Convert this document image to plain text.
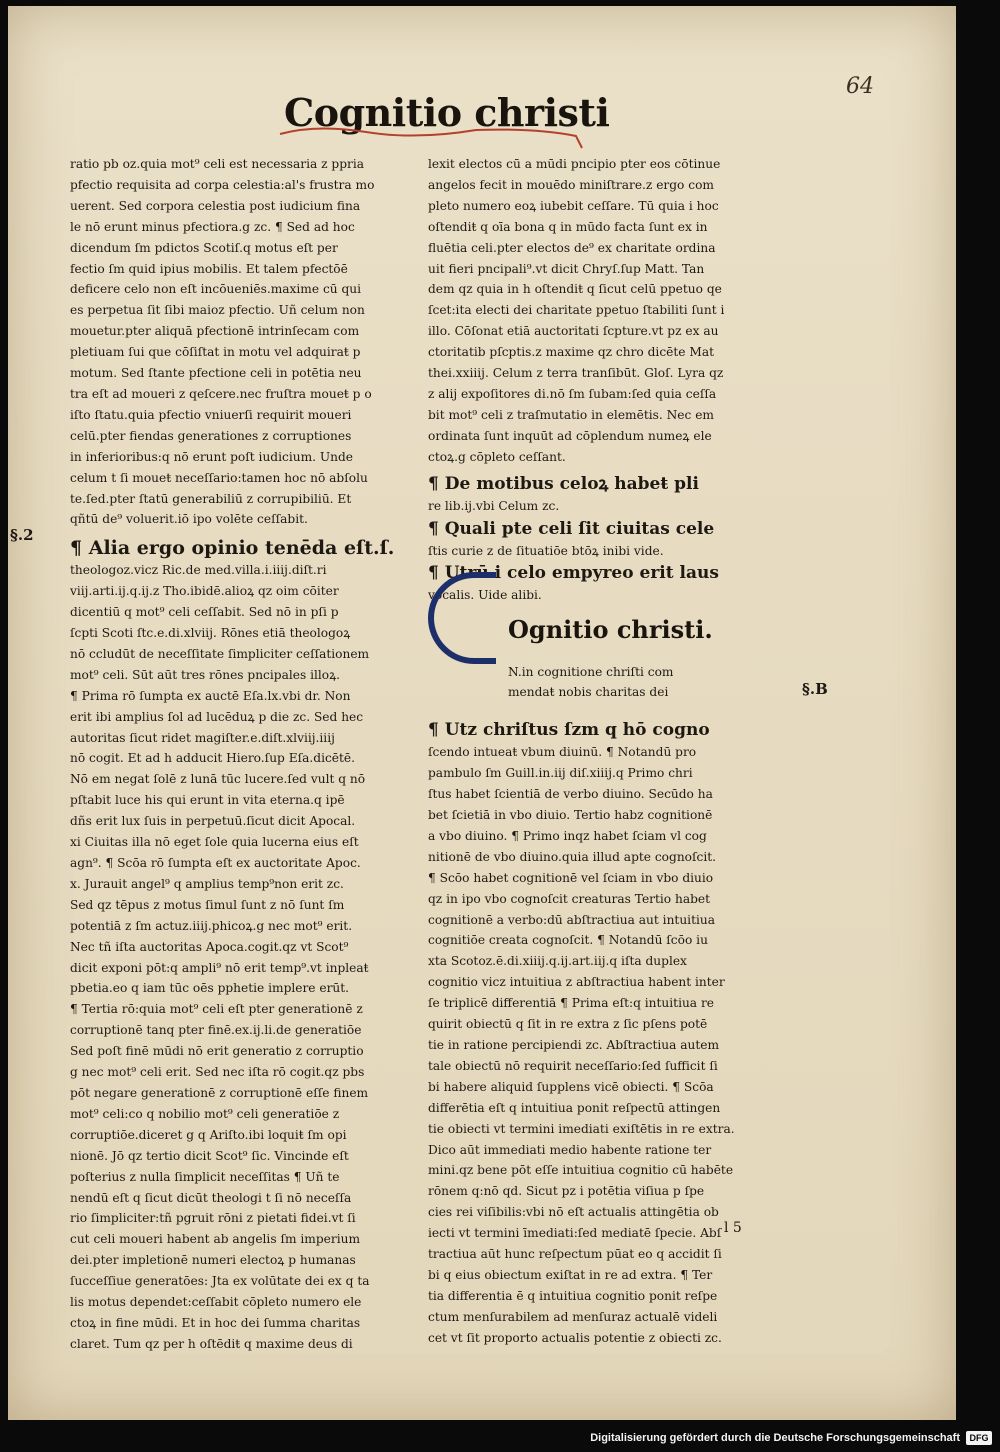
64
Cognitio christi
§.2
§.B
ratio pb oz.quia mot⁹ celi est necessaria z ppria
pfectio requisita ad corpa celestia:al's frustra mo
uerent. Sed corpora celestia post iudicium fina
le nō erunt minus pfectiora.g zc. ¶ Sed ad hoc
dicendum ſm pdictos Scotiſ.q motus eſt per
fectio ſm quid ipius mobilis. Et talem pfectōē
deficere celo non eſt incōueniēs.maxime cū qui
es perpetua ſit ſibi maioz pfectio. Uñ celum non
mouetur.pter aliquā pfectionē intrinſecam com
pletiuam ſui que cōſiſtat in motu vel adquiraŧ p
motum. Sed ſtante pfectione celi in potētia neu
tra eſt ad moueri z qeſcere.nec fruſtra moueŧ p o
iſto ſtatu.quia pfectio vniuerſi requirit moueri
celū.pter fiendas generationes z corruptiones
in inferioribus:q nō erunt poſt iudicium. Unde
celum t ſi moueŧ neceſſario:tamen hoc nō abſolu
te.ſed.pter ſtatū generabiliū z corrupibiliū. Et
qñtū de⁹ voluerit.iō ipo volēte ceſſabit.
¶ Alia ergo opinio tenēda eſt.ſ.
theologoz.vicz Ric.de med.villa.i.iiij.diſt.ri
viij.arti.ij.q.ij.z Tho.ibidē.alioꝝ qz oim cōiter
dicentiū q mot⁹ celi ceſſabit. Sed nō in pſi p
ſcpti Scoti ſtc.e.di.xlviij. Rōnes etiā theologoꝝ
nō ccludūt de neceſſitate ſimpliciter ceſſationem
mot⁹ celi. Sūt aūt tres rōnes pncipales illoꝝ.
¶ Prima rō ſumpta ex auctē Eſa.lx.vbi dr. Non
erit ibi amplius ſol ad lucēduꝝ p die zc. Sed hec
autoritas ſicut ridet magiſter.e.diſt.xlviij.iiij
nō cogit. Et ad h adducit Hiero.ſup Eſa.dicētē.
Nō em negat ſolē z lunā tūc lucere.ſed vult q nō
pſtabit luce his qui erunt in vita eterna.q ipē
dñs erit lux ſuis in perpetuū.ſicut dicit Apocal.
xi Ciuitas illa nō eget ſole quia lucerna eius eſt
agn⁹. ¶ Scōa rō ſumpta eſt ex auctoritate Apoc.
x. Jurauit angel⁹ q amplius temp⁹non erit zc.
Sed qz tēpus z motus ſimul ſunt z nō ſunt ſm
potentiā z ſm actuz.iiij.phicoꝝ.g nec mot⁹ erit.
Nec tñ iſta auctoritas Apoca.cogit.qz vt Scot⁹
dicit exponi pōt:q ampli⁹ nō erit temp⁹.vt inpleaŧ
pbetia.eo q iam tūc oēs pphetie implere erūt.
¶ Tertia rō:quia mot⁹ celi eſt pter generationē z
corruptionē tanq pter finē.ex.ij.li.de generatiōe
Sed poſt finē mūdi nō erit generatio z corruptio
g nec mot⁹ celi erit. Sed nec iſta rō cogit.qz pbs
pōt negare generationē z corruptionē eſſe finem
mot⁹ celi:co q nobilio mot⁹ celi generatiōe z
corruptiōe.diceret g q Ariſto.ibi loquiŧ ſm opi
nionē. Jō qz tertio dicit Scot⁹ ſic. Vincinde eſt
poſterius z nulla ſimplicit neceſſitas ¶ Uñ te
nendū eſt q ſicut dicūt theologi t ſi nō neceſſa
rio ſimpliciter:tñ pgruit rōni z pietati fidei.vt ſi
cut celi moueri habent ab angelis ſm imperium
dei.pter impletionē numeri electoꝝ p humanas
ſucceſſiue generatōes: Jta ex volūtate dei ex q ta
lis motus dependet:ceſſabit cōpleto numero ele
ctoꝝ in fine mūdi. Et in hoc dei ſumma charitas
claret. Tum qz per h oſtēdiŧ q maxime deus di
lexit electos cū a mūdi pncipio pter eos cōtinue
angelos fecit in mouēdo miniſtrare.z ergo com
pleto numero eoꝝ iubebit ceſſare. Tū quia i hoc
oſtendiŧ q oīa bona q in mūdo facta ſunt ex in
fluētia celi.pter electos de⁹ ex charitate ordina
uit fieri pncipali⁹.vt dicit Chryſ.ſup Matt. Tan
dem qz quia in h oſtendiŧ q ſicut celū ppetuo qe
ſcet:ita electi dei charitate ppetuo ſtabiliti ſunt i
illo. Cōſonat etiā auctoritati ſcpture.vt pz ex au
ctoritatib pſcptis.z maxime qz chro dicēte Mat
thei.xxiiij. Celum z terra tranſibūt. Gloſ. Lyra qz
z alij expoſitores di.nō ſm ſubam:ſed quia ceſſa
bit mot⁹ celi z traſmutatio in elemētis. Nec em
ordinata ſunt inquūt ad cōplendum numeꝝ ele
ctoꝝ.g cōpleto ceſſant.
¶ De motibus celoꝝ habeŧ pli
re lib.ij.vbi Celum zc.
¶ Quali pte celi ſit ciuitas cele
ſtis curie z de ſituatiōe btōꝝ inibi vide.
¶ Utrū i celo empyreo erit laus
vocalis. Uide alibi.
Ognitio christi.
N.in cognitione chriſti com
mendaŧ nobis charitas dei
¶ Utz chriſtus ſzm q hō cogno
ſcendo intueaŧ vbum diuinū. ¶ Notandū pro
pambulo ſm Guill.in.iij diſ.xiiij.q Primo chri
ſtus habet ſcientiā de verbo diuino. Secūdo ha
bet ſcietiā in vbo diuio. Tertio habz cognitionē
a vbo diuino. ¶ Primo inqz habet ſciam vl cog
nitionē de vbo diuino.quia illud apte cognoſcit.
¶ Scōo habet cognitionē vel ſciam in vbo diuio
qz in ipo vbo cognoſcit creaturas Tertio habet
cognitionē a verbo:dū abſtractiua aut intuitiua
cognitiōe creata cognoſcit. ¶ Notandū ſcōo iu
xta Scotoz.ē.di.xiiij.q.ij.art.iij.q iſta duplex
cognitio vicz intuitiua z abſtractiua habent inter
ſe triplicē differentiā ¶ Prima eſt:q intuitiua re
quirit obiectū q ſit in re extra z ſic pſens potē
tie in ratione percipiendi zc. Abſtractiua autem
tale obiectū nō requirit neceſſario:ſed ſufficit ſi
bi habere aliquid ſupplens vicē obiecti. ¶ Scōa
differētia eſt q intuitiua ponit reſpectū attingen
tie obiecti vt termini imediati exiſtētis in re extra.
Dico aūt immediati medio habente ratione ter
mini.qz bene pōt eſſe intuitiua cognitio cū habēte
rōnem q:nō qd. Sicut pz i potētia viſiua p ſpe
cies rei viſibilis:vbi nō eſt actualis attingētia ob
iecti vt termini īmediati:ſed mediatē ſpecie. Abſ
tractiua aūt hunc reſpectum pūat eo q accidit ſi
bi q eius obiectum exiſtat in re ad extra. ¶ Ter
tia differentia ē q intuitiua cognitio ponit reſpe
ctum menſurabilem ad menſuraz actualē videli
cet vt ſit proporto actualis potentie z obiecti zc.
l 5
Digitalisierung gefördert durch die Deutsche Forschungsgemeinschaft	DFG
